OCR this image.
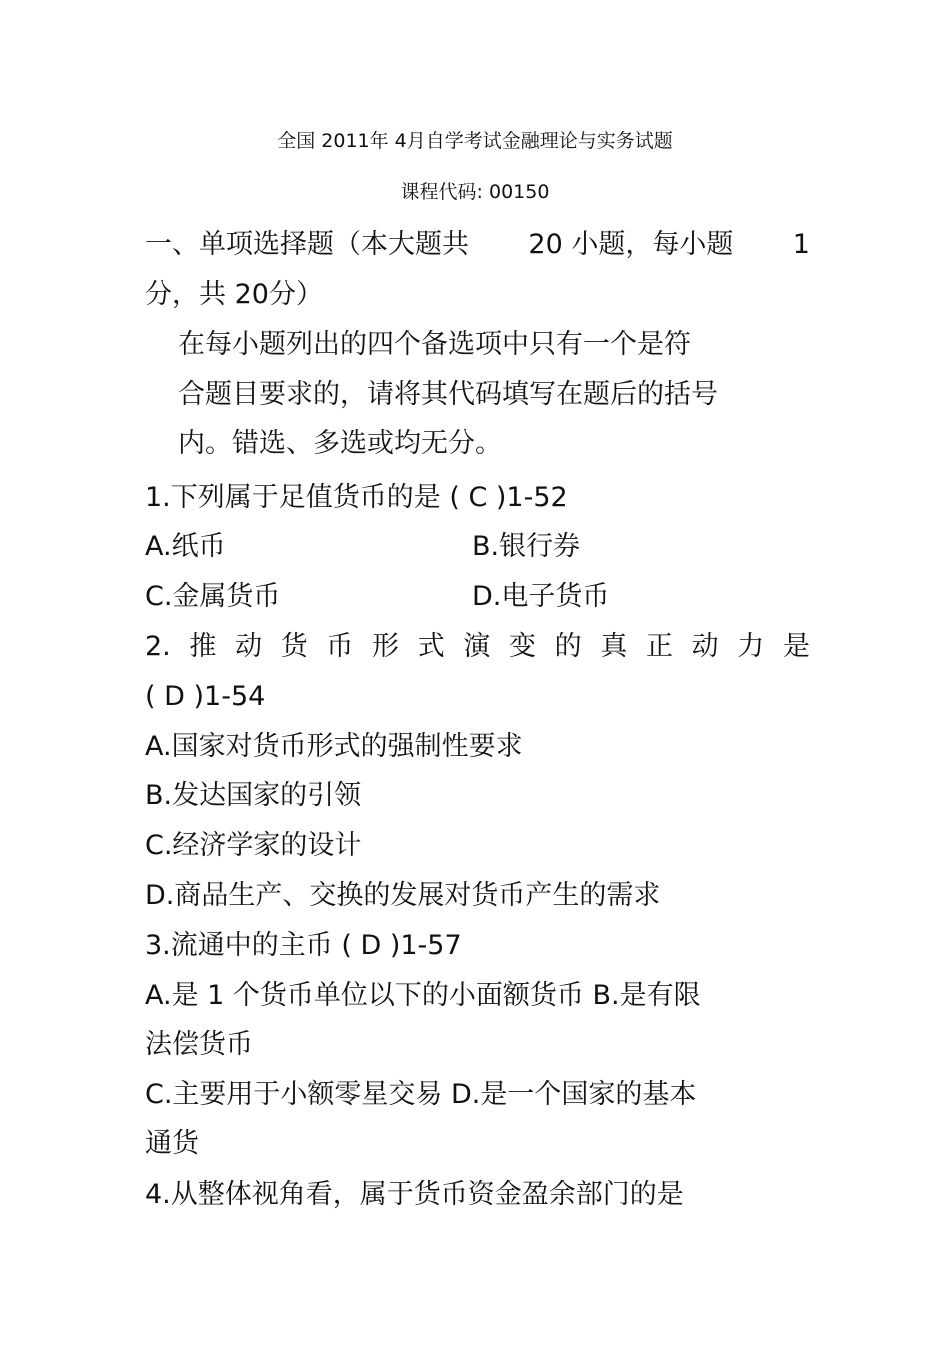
全国 2011年 4月自学考试金融理论与实务试题
课程代码: 00150
一、单项选择题（本大题共 20 小题，每小题 1
分，共 20分）
在每小题列出的四个备选项中只有一个是符
合题目要求的，请将其代码填写在题后的括号
内。错选、多选或均无分。
1.下列属于足值货币的是 ( C )1-52
A.纸币	B.银行券
C.金属货币	D.电子货币
2. 推 动 货 币 形 式 演 变 的 真 正 动 力 是
( D )1-54
A.国家对货币形式的强制性要求
B.发达国家的引领
C.经济学家的设计
D.商品生产、交换的发展对货币产生的需求
3.流通中的主币 ( D )1-57
A.是 1 个货币单位以下的小面额货币 B.是有限
法偿货币
C.主要用于小额零星交易 D.是一个国家的基本
通货
4.从整体视角看，属于货币资金盈余部门的是
